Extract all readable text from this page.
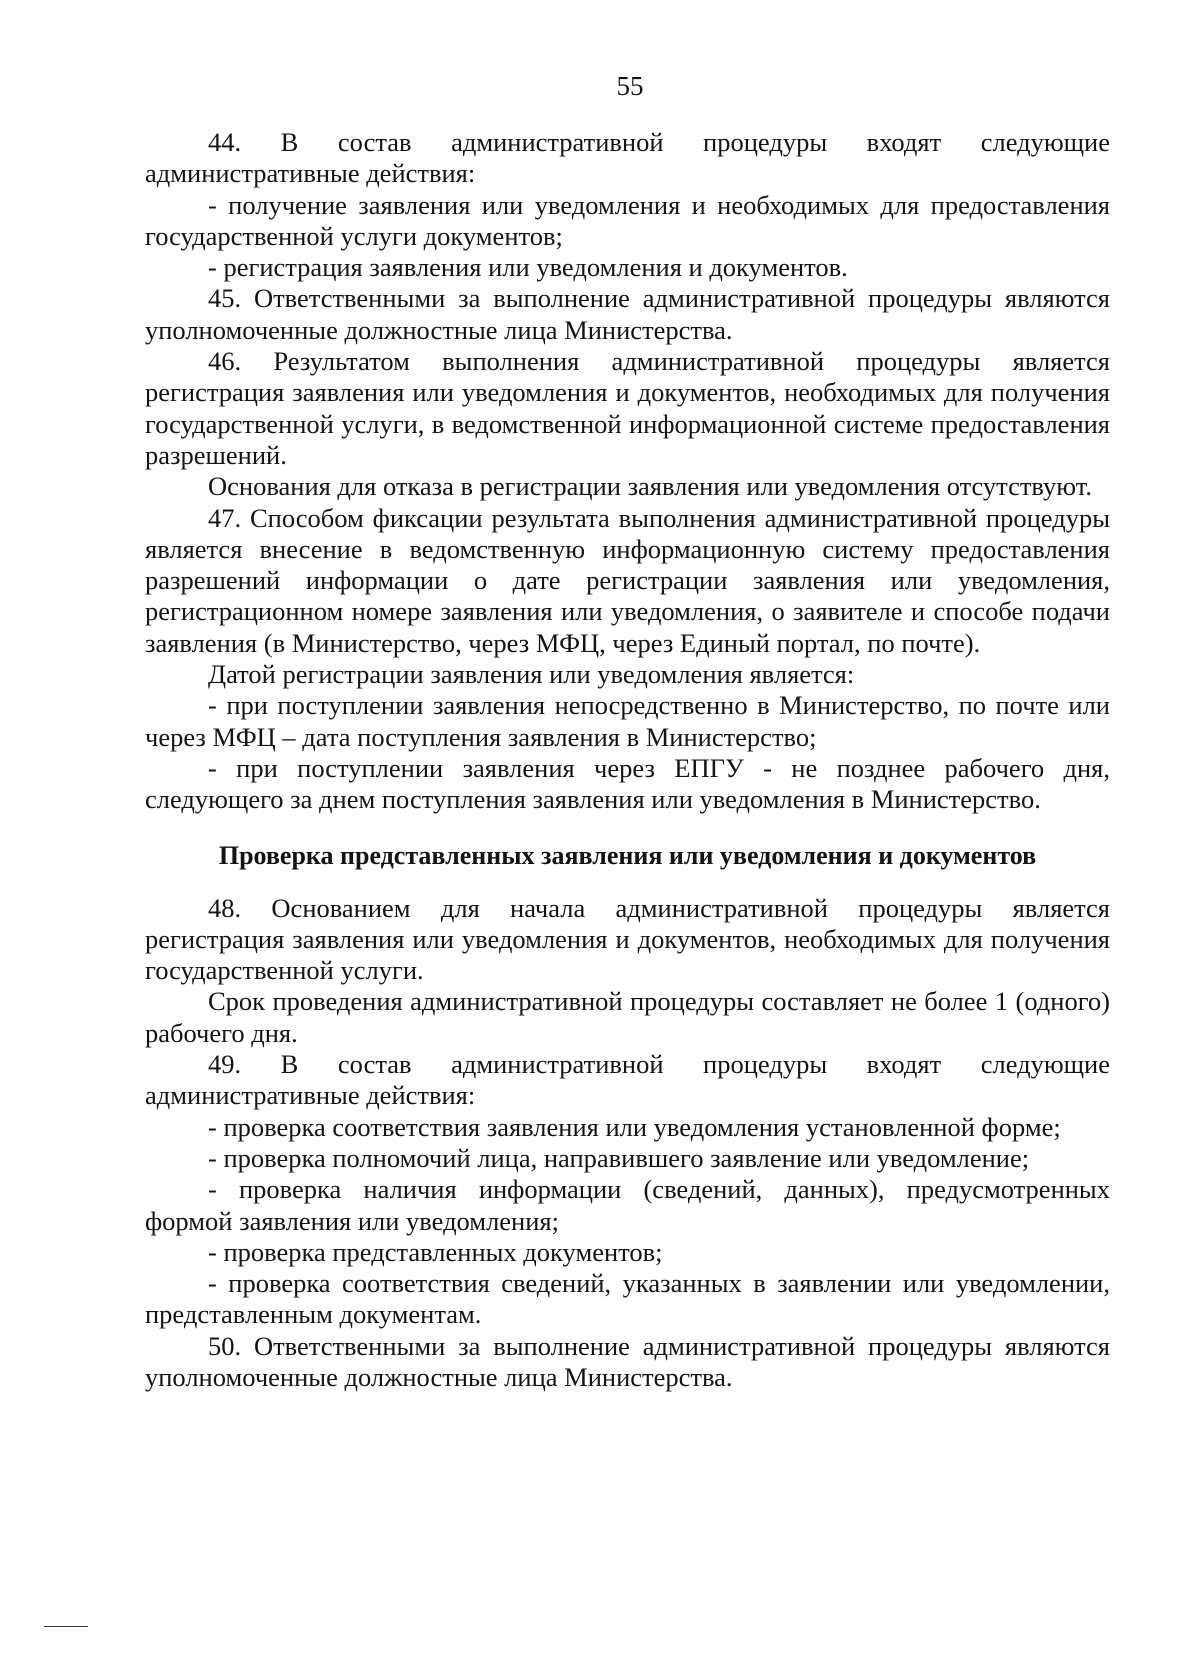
55

44. В состав административной процедуры входят следующие административные действия:

- получение заявления или уведомления и необходимых для предоставления государственной услуги документов;

- регистрация заявления или уведомления и документов.

45. Ответственными за выполнение административной процедуры являются уполномоченные должностные лица Министерства.

46. Результатом выполнения административной процедуры является регистрация заявления или уведомления и документов, необходимых для получения государственной услуги, в ведомственной информационной системе предоставления разрешений.

Основания для отказа в регистрации заявления или уведомления отсутствуют.

47. Способом фиксации результата выполнения административной процедуры является внесение в ведомственную информационную систему предоставления разрешений информации о дате регистрации заявления или уведомления, регистрационном номере заявления или уведомления, о заявителе и способе подачи заявления (в Министерство, через МФЦ, через Единый портал, по почте).

Датой регистрации заявления или уведомления является:

- при поступлении заявления непосредственно в Министерство, по почте или через МФЦ – дата поступления заявления в Министерство;

- при поступлении заявления через ЕПГУ - не позднее рабочего дня, следующего за днем поступления заявления или уведомления в Министерство.

Проверка представленных заявления или уведомления и документов

48. Основанием для начала административной процедуры является регистрация заявления или уведомления и документов, необходимых для получения государственной услуги.

Срок проведения административной процедуры составляет не более 1 (одного) рабочего дня.

49. В состав административной процедуры входят следующие административные действия:

- проверка соответствия заявления или уведомления установленной форме;

- проверка полномочий лица, направившего заявление или уведомление;

- проверка наличия информации (сведений, данных), предусмотренных формой заявления или уведомления;

- проверка представленных документов;

- проверка соответствия сведений, указанных в заявлении или уведомлении, представленным документам.

50. Ответственными за выполнение административной процедуры являются уполномоченные должностные лица Министерства.
